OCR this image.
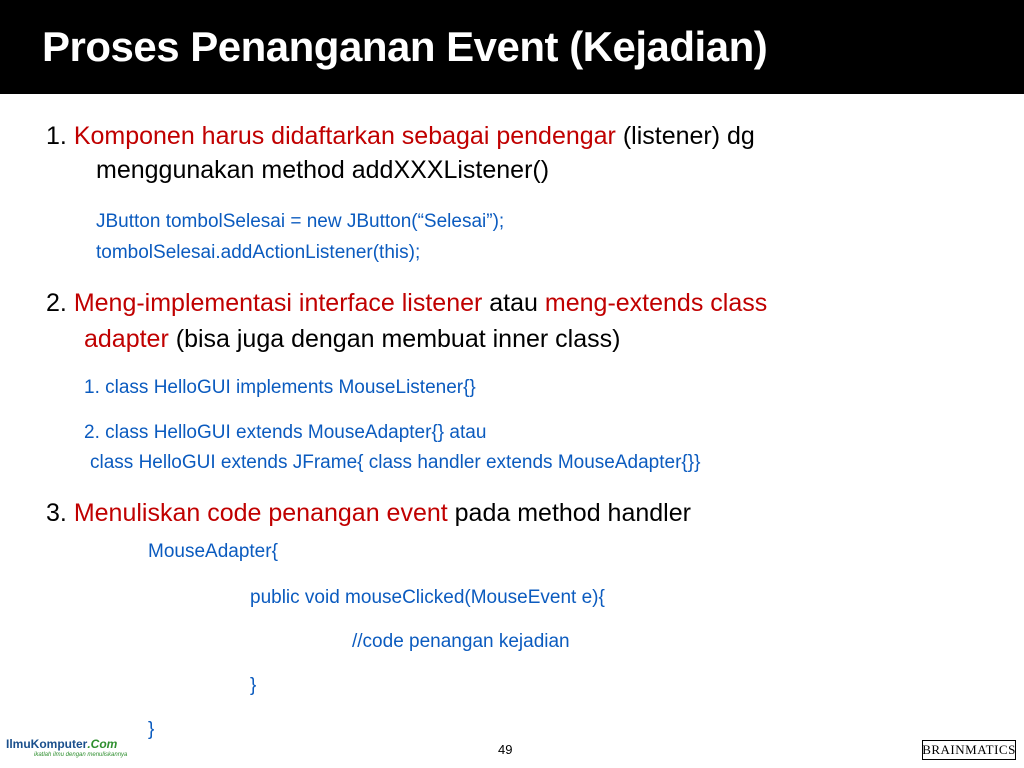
Proses Penanganan Event (Kejadian)
1. Komponen harus didaftarkan sebagai pendengar (listener) dg
menggunakan method addXXXListener()
JButton tombolSelesai = new JButton(“Selesai”);
tombolSelesai.addActionListener(this);
2. Meng-implementasi interface listener atau meng-extends class
adapter (bisa juga dengan membuat inner class)
1. class HelloGUI implements MouseListener{}
2. class HelloGUI extends MouseAdapter{} atau
class HelloGUI extends JFrame{ class handler extends MouseAdapter{}}
3. Menuliskan code penangan event pada method handler
MouseAdapter{
public void mouseClicked(MouseEvent e){
//code penangan kejadian
}
}
IlmuKomputer.Com
ikatlah ilmu dengan menuliskannya	49	BRAINMATICS
